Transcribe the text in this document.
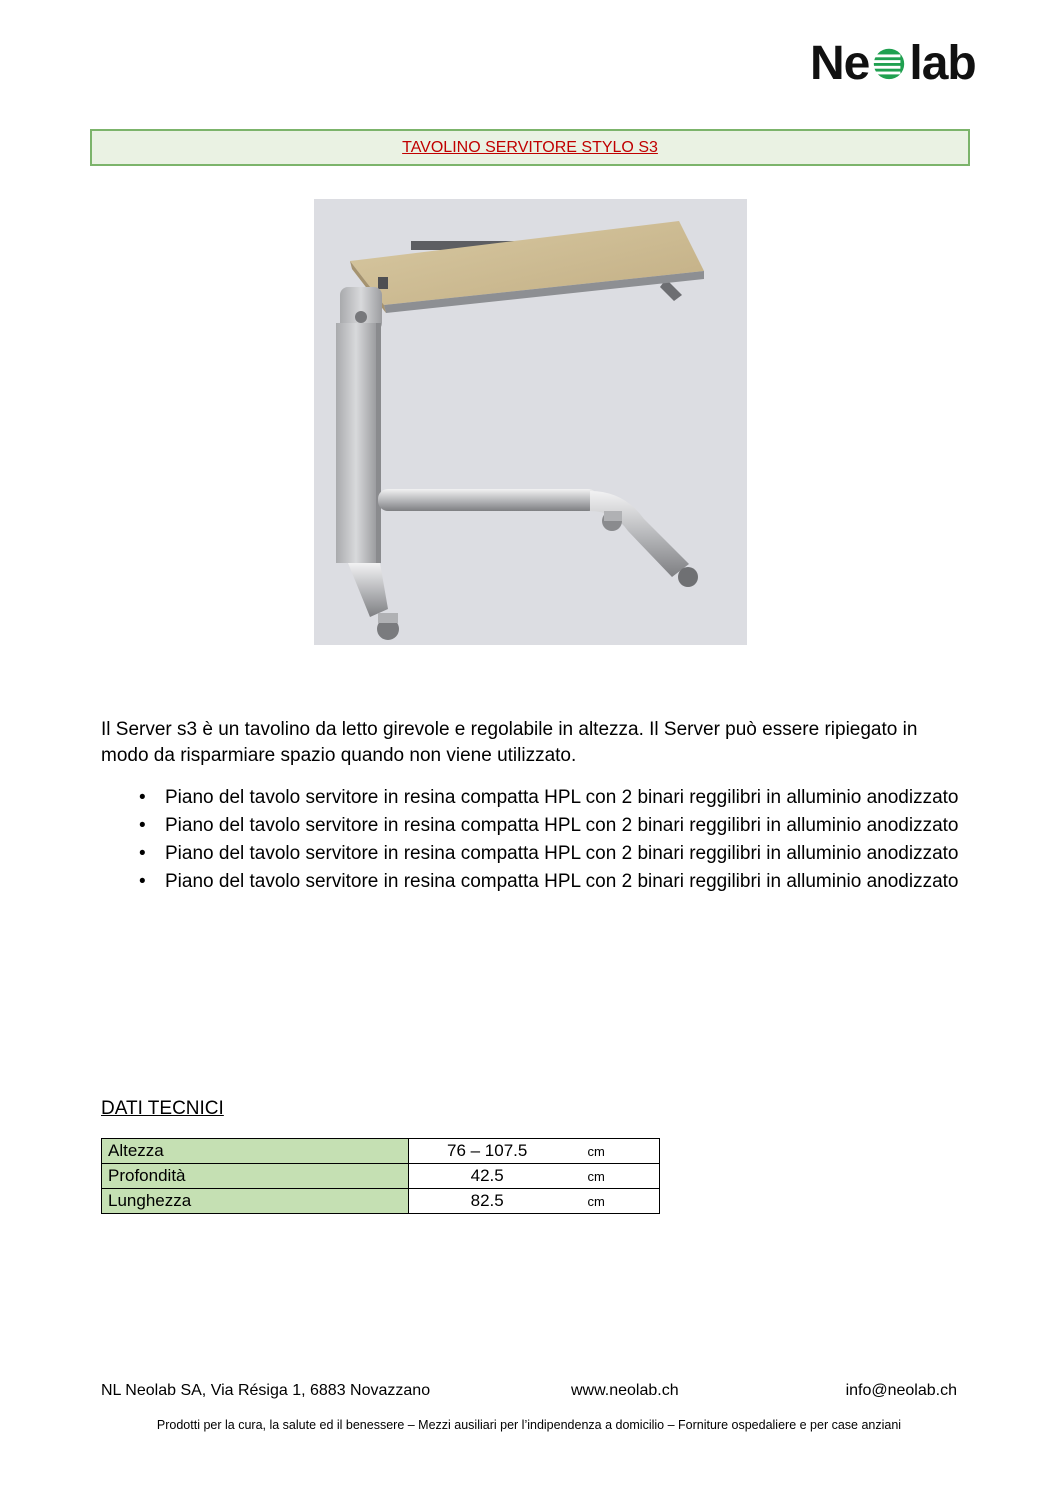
Ne lab
TAVOLINO SERVITORE STYLO S3

Il Server s3 è un tavolino da letto girevole e regolabile in altezza. Il Server può essere ripiegato in modo da risparmiare spazio quando non viene utilizzato.

• Piano del tavolo servitore in resina compatta HPL con 2 binari reggilibri in alluminio anodizzato
• Piano del tavolo servitore in resina compatta HPL con 2 binari reggilibri in alluminio anodizzato
• Piano del tavolo servitore in resina compatta HPL con 2 binari reggilibri in alluminio anodizzato
• Piano del tavolo servitore in resina compatta HPL con 2 binari reggilibri in alluminio anodizzato
DATI TECNICI
Altezza	76 – 107.5	cm
Profondità	42.5	cm
Lunghezza	82.5	cm
NL Neolab SA, Via Résiga 1, 6883 Novazzano	www.neolab.ch	info@neolab.ch
Prodotti per la cura, la salute ed il benessere – Mezzi ausiliari per l’indipendenza a domicilio – Forniture ospedaliere e per case anziani
